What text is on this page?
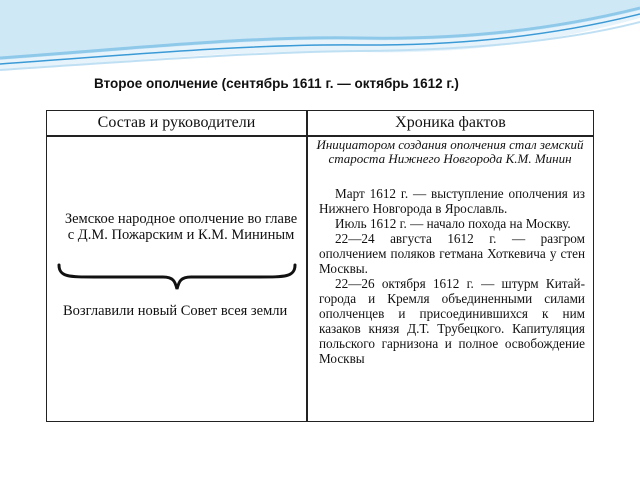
Второе ополчение (сентябрь 1611 г. — октябрь 1612 г.)
Состав и руководители	Хроника фактов
Земское народное ополчение во главе с Д.М. Пожарским и К.М. Мининым
Возглавили новый Совет всея земли
Инициатором создания ополчения стал земский староста Нижнего Новгорода К.М. Минин

Март 1612 г. — выступление ополчения из Нижнего Новгорода в Ярославль.

Июль 1612 г. — начало похода на Москву.

22—24 августа 1612 г. — разгром ополчением поляков гетмана Хоткевича у стен Москвы.

22—26 октября 1612 г. — штурм Китай-города и Кремля объединенными силами ополченцев и присоединившихся к ним казаков князя Д.Т. Трубецкого. Капитуляция польского гарнизона и полное освобождение Москвы
